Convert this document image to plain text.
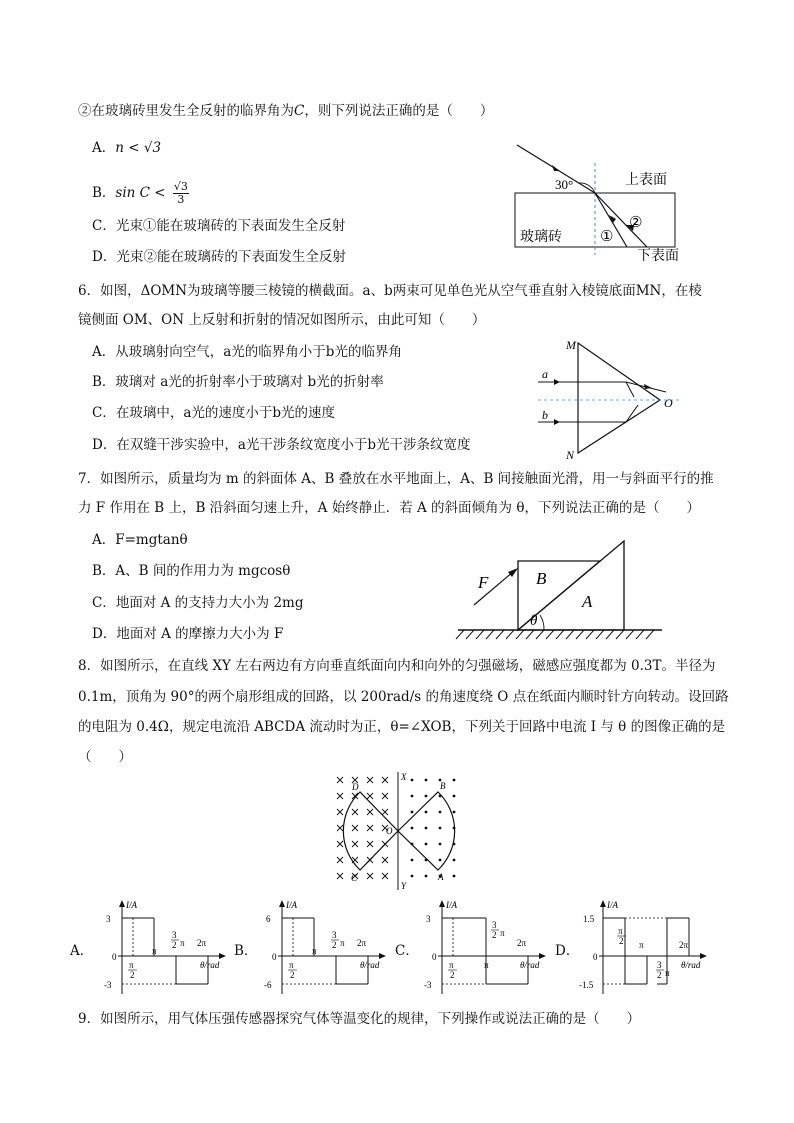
②在玻璃砖里发生全反射的临界角为C，则下列说法正确的是（　　）
A．n < √3
B．$\sin C < \frac{√3}{3}$
C．光束①能在玻璃砖的下表面发生全反射
D．光束②能在玻璃砖的下表面发生全反射
30°	上表面
下表面
玻璃砖	①
②
6．如图，ΔOMN为玻璃等腰三棱镜的横截面。a、b两束可见单色光从空气垂直射入棱镜底面MN，在棱
镜侧面 OM、ON 上反射和折射的情况如图所示，由此可知（　　）
A．从玻璃射向空气，a光的临界角小于b光的临界角
B．玻璃对 a光的折射率小于玻璃对 b光的折射率
C．在玻璃中，a光的速度小于b光的速度
D．在双缝干涉实验中，a光干涉条纹宽度小于b光干涉条纹宽度
M
N
O
a
b
7．如图所示，质量均为 m 的斜面体 A、B 叠放在水平地面上，A、B 间接触面光滑，用一与斜面平行的推
力 F 作用在 B 上，B 沿斜面匀速上升，A 始终静止．若 A 的斜面倾角为 θ，下列说法正确的是（　　）
A．F=mgtanθ
B．A、B 间的作用力为 mgcosθ
C．地面对 A 的支持力大小为 2mg
D．地面对 A 的摩擦力大小为 F
F	B
A
θ
8．如图所示，在直线 XY 左右两边有方向垂直纸面向内和向外的匀强磁场，磁感应强度都为 0.3T。半径为
0.1m，顶角为 90°的两个扇形组成的回路，以 200rad/s 的角速度绕 O 点在纸面内顺时针方向转动。设回路
的电阻为 0.4Ω，规定电流沿 ABCDA 流动时为正，θ=∠XOB，下列关于回路中电流 I 与 θ 的图像正确的是
（　　）
X
Y
O
B
A
C
D
A．	B．	C．	D．
I/A
θ/rad
3
-3
0
π
2
π
3
2 π 2π
I/A
θ/rad
6
-6
0
π
2
π
3
2 π 2π
I/A
θ/rad
3
-3
0
π
2
π
3
2 π
2π
I/A
θ/rad
1.5
-1.5
0
π
2 π
3
2 π
2π
9．如图所示，用气体压强传感器探究气体等温变化的规律，下列操作或说法正确的是（　　）
